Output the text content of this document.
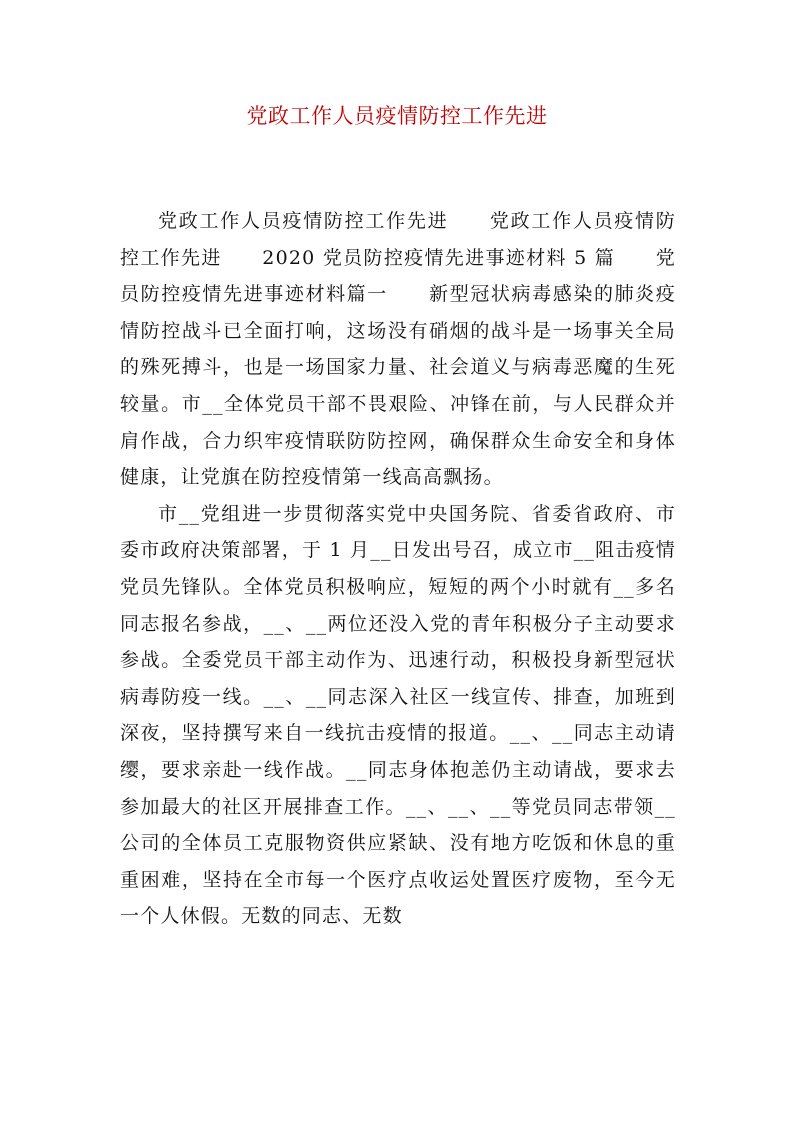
党政工作人员疫情防控工作先进

党政工作人员疫情防控工作先进　　党政工作人员疫情防控工作先进　　2020 党员防控疫情先进事迹材料 5 篇　　党员防控疫情先进事迹材料篇一　　新型冠状病毒感染的肺炎疫情防控战斗已全面打响，这场没有硝烟的战斗是一场事关全局的殊死搏斗，也是一场国家力量、社会道义与病毒恶魔的生死较量。市__全体党员干部不畏艰险、冲锋在前，与人民群众并肩作战，合力织牢疫情联防防控网，确保群众生命安全和身体健康，让党旗在防控疫情第一线高高飘扬。

市__党组进一步贯彻落实党中央国务院、省委省政府、市委市政府决策部署，于 1 月__日发出号召，成立市__阻击疫情党员先锋队。全体党员积极响应，短短的两个小时就有__多名同志报名参战，__、__两位还没入党的青年积极分子主动要求参战。全委党员干部主动作为、迅速行动，积极投身新型冠状病毒防疫一线。__、__同志深入社区一线宣传、排查，加班到深夜，坚持撰写来自一线抗击疫情的报道。__、__同志主动请缨，要求亲赴一线作战。__同志身体抱恙仍主动请战，要求去参加最大的社区开展排查工作。__、__、__等党员同志带领__公司的全体员工克服物资供应紧缺、没有地方吃饭和休息的重重困难，坚持在全市每一个医疗点收运处置医疗废物，至今无一个人休假。无数的同志、无数
